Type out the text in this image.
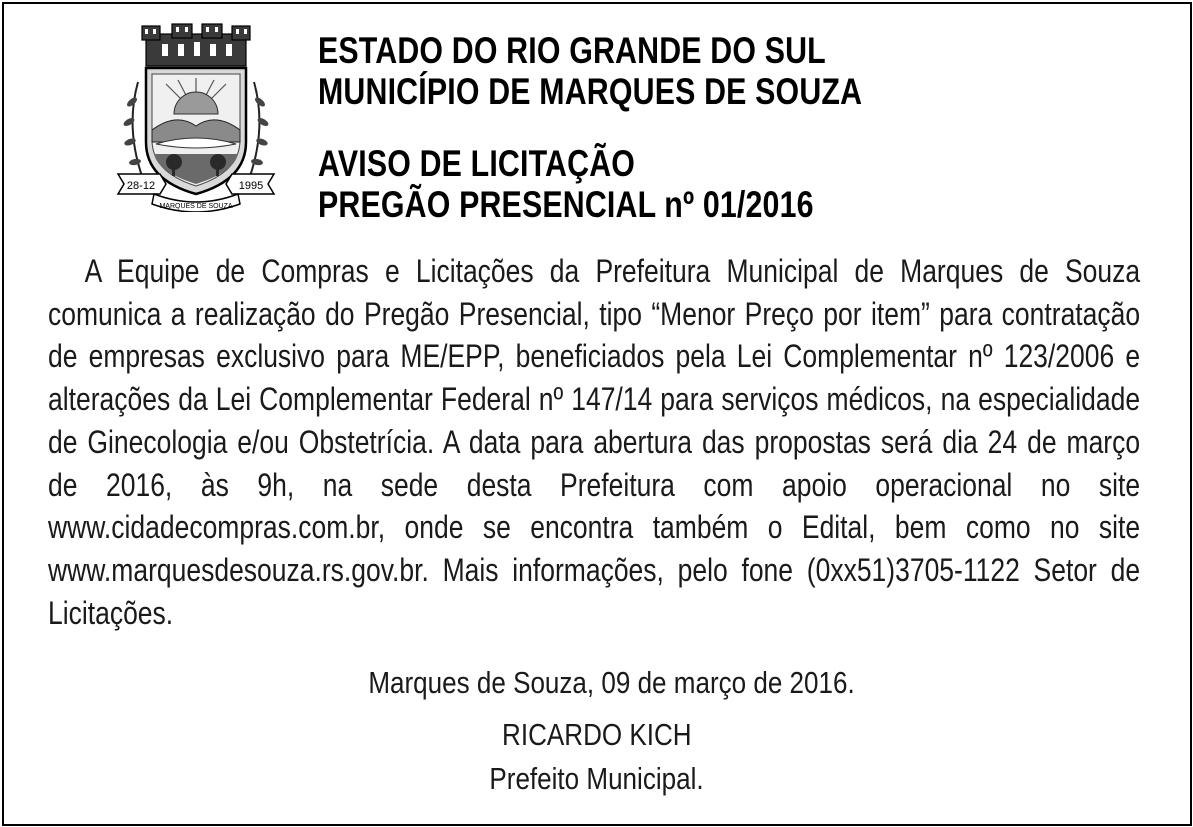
28-12	1995
MARQUES DE SOUZA
ESTADO DO RIO GRANDE DO SUL
MUNICÍPIO DE MARQUES DE SOUZA
AVISO DE LICITAÇÃO
PREGÃO PRESENCIAL nº 01/2016

A Equipe de Compras e Licitações da Prefeitura Municipal de Marques de Souza comunica a realização do Pregão Presencial, tipo “Menor Preço por item” para contratação de empresas exclusivo para ME/EPP, beneficiados pela Lei Complementar nº 123/2006 e alterações da Lei Complementar Federal nº 147/14 para serviços médicos, na especialidade de Ginecologia e/ou Obstetrícia. A data para abertura das propostas será dia 24 de março de 2016, às 9h, na sede desta Prefeitura com apoio operacional no site www.cidadecompras.com.br, onde se encontra também o Edital, bem como no site www.marquesdesouza.rs.gov.br. Mais informações, pelo fone (0xx51)3705-1122 Setor de Licitações.

Marques de Souza, 09 de março de 2016.
RICARDO KICH
Prefeito Municipal.
